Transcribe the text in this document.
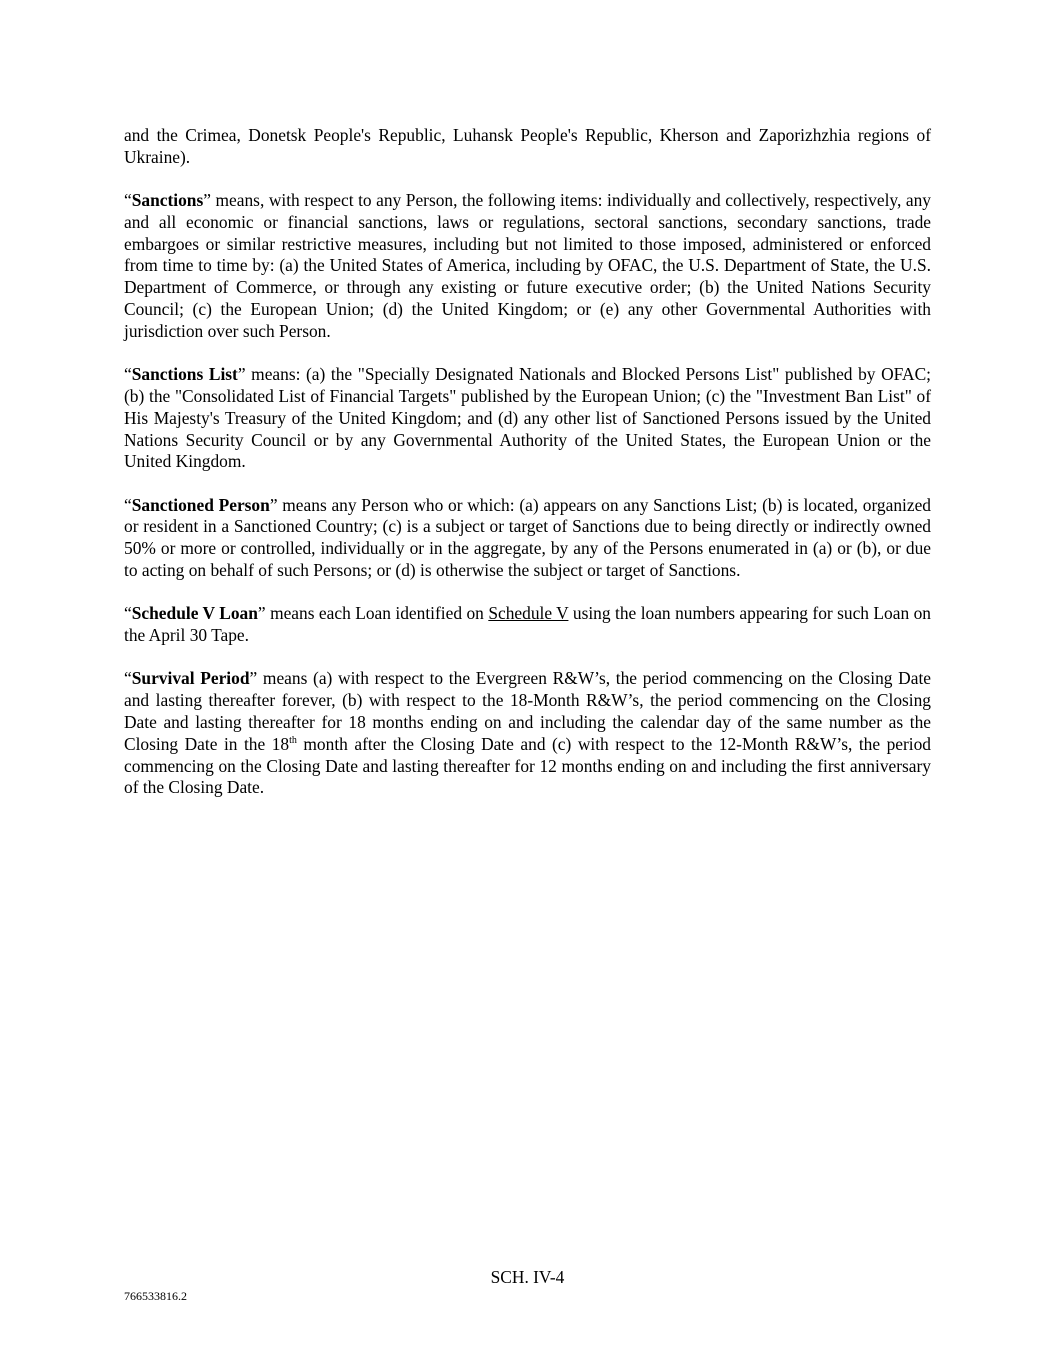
and the Crimea, Donetsk People's Republic, Luhansk People's Republic, Kherson and Zaporizhzhia regions of Ukraine).

“Sanctions” means, with respect to any Person, the following items: individually and collectively, respectively, any and all economic or financial sanctions, laws or regulations, sectoral sanctions, secondary sanctions, trade embargoes or similar restrictive measures, including but not limited to those imposed, administered or enforced from time to time by: (a) the United States of America, including by OFAC, the U.S. Department of State, the U.S. Department of Commerce, or through any existing or future executive order; (b) the United Nations Security Council; (c) the European Union; (d) the United Kingdom; or (e) any other Governmental Authorities with jurisdiction over such Person.

“Sanctions List” means: (a) the "Specially Designated Nationals and Blocked Persons List" published by OFAC; (b) the "Consolidated List of Financial Targets" published by the European Union; (c) the "Investment Ban List" of His Majesty's Treasury of the United Kingdom; and (d) any other list of Sanctioned Persons issued by the United Nations Security Council or by any Governmental Authority of the United States, the European Union or the United Kingdom.

“Sanctioned Person” means any Person who or which: (a) appears on any Sanctions List; (b) is located, organized or resident in a Sanctioned Country; (c) is a subject or target of Sanctions due to being directly or indirectly owned 50% or more or controlled, individually or in the aggregate, by any of the Persons enumerated in (a) or (b), or due to acting on behalf of such Persons; or (d) is otherwise the subject or target of Sanctions.

“Schedule V Loan” means each Loan identified on Schedule V using the loan numbers appearing for such Loan on the April 30 Tape.

“Survival Period” means (a) with respect to the Evergreen R&W’s, the period commencing on the Closing Date and lasting thereafter forever, (b) with respect to the 18-Month R&W’s, the period commencing on the Closing Date and lasting thereafter for 18 months ending on and including the calendar day of the same number as the Closing Date in the 18th month after the Closing Date and (c) with respect to the 12-Month R&W’s, the period commencing on the Closing Date and lasting thereafter for 12 months ending on and including the first anniversary of the Closing Date.

SCH. IV-4
766533816.2
